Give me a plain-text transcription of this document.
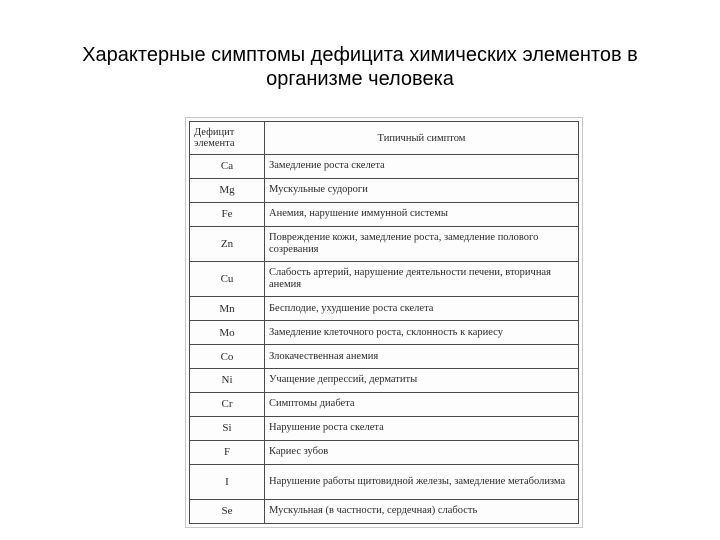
Характерные симптомы дефицита химических элементов в организме человека
Дефицит элемента	Типичный симптом
Ca	Замедление роста скелета
Mg	Мускульные судороги
Fe	Анемия, нарушение иммунной системы
Zn	Повреждение кожи, замедление роста, замедление полового созревания
Cu	Слабость артерий, нарушение деятельности печени, вторичная анемия
Mn	Бесплодие, ухудшение роста скелета
Mo	Замедление клеточного роста, склонность к кариесу
Co	Злокачественная анемия
Ni	Учащение депрессий, дерматиты
Cr	Симптомы диабета
Si	Нарушение роста скелета
F	Кариес зубов
I	Нарушение работы щитовидной железы, замедление метаболизма
Se	Мускульная (в частности, сердечная) слабость
